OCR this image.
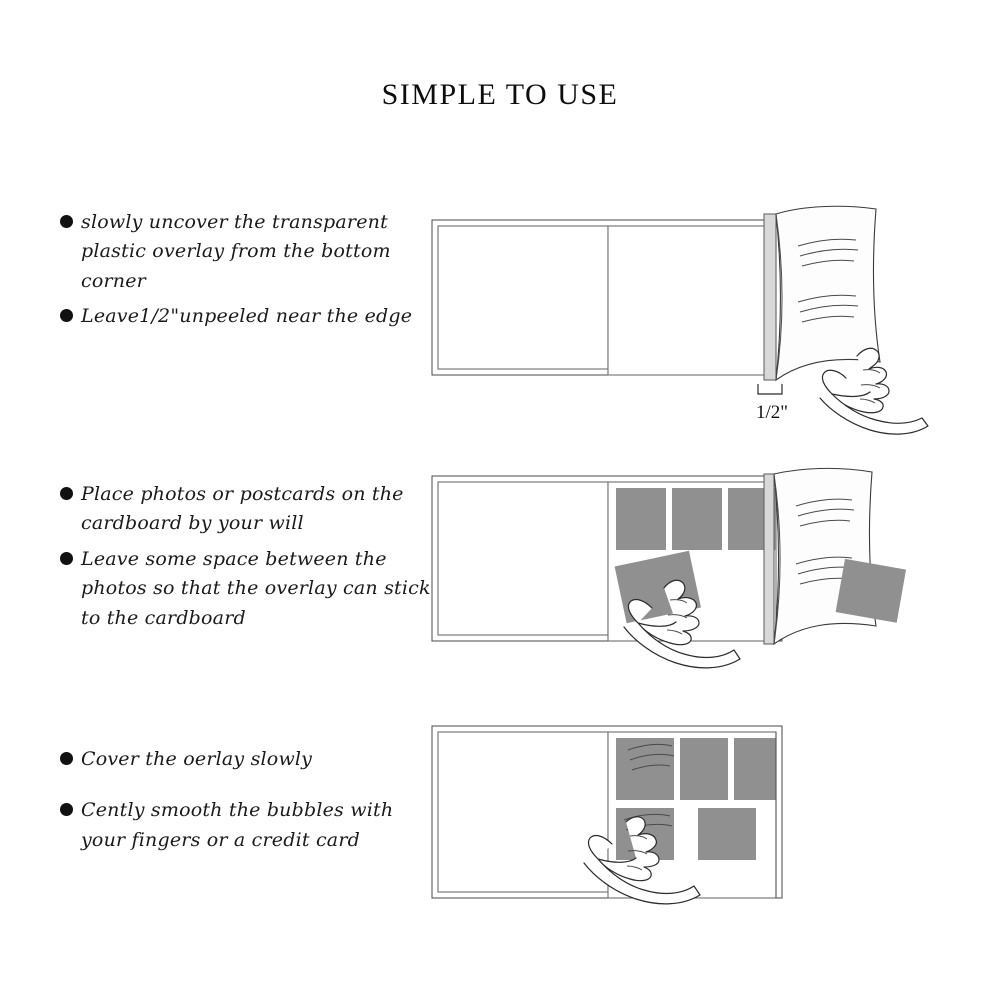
SIMPLE TO USE
slowly uncover the transparent plastic overlay from the bottom corner
Leave1/2"unpeeled near the edge
1/2"
Place photos or postcards on the cardboard by your will
Leave some space between the photos so that the overlay can stick to the cardboard
Cover the oerlay slowly
Cently smooth the bubbles with your fingers or a credit card
